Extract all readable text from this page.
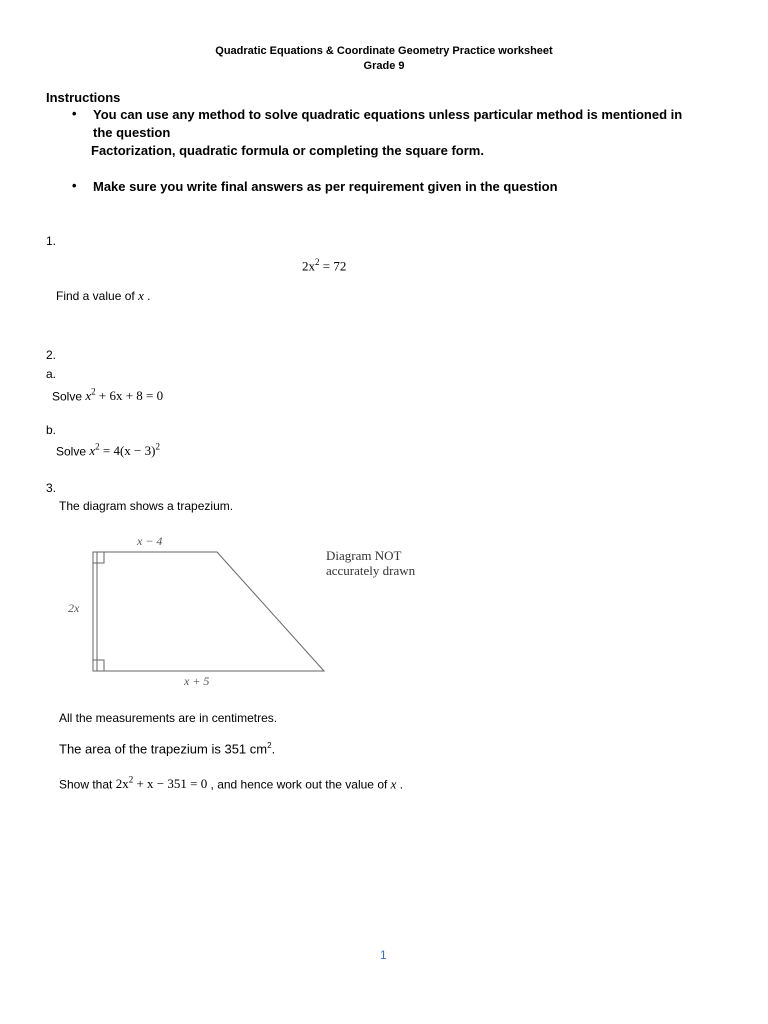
Quadratic Equations & Coordinate Geometry Practice worksheet
Grade 9
Instructions
• You can use any method to solve quadratic equations unless particular method is mentioned in
the question
Factorization, quadratic formula or completing the square form.
• Make sure you write final answers as per requirement given in the question
1.
$2x^2 = 72$
Find a value of x .
2.
a.
Solve $x^2 + 6x + 8 = 0$
b.
Solve $x^2 = 4(x - 3)^2$
3.
The diagram shows a trapezium.
x − 4
2x
x + 5
Diagram NOT
accurately drawn
All the measurements are in centimetres.
The area of the trapezium is 351 $cm^2$.
Show that $2x^2 + x - 351 = 0$ , and hence work out the value of x .
1
